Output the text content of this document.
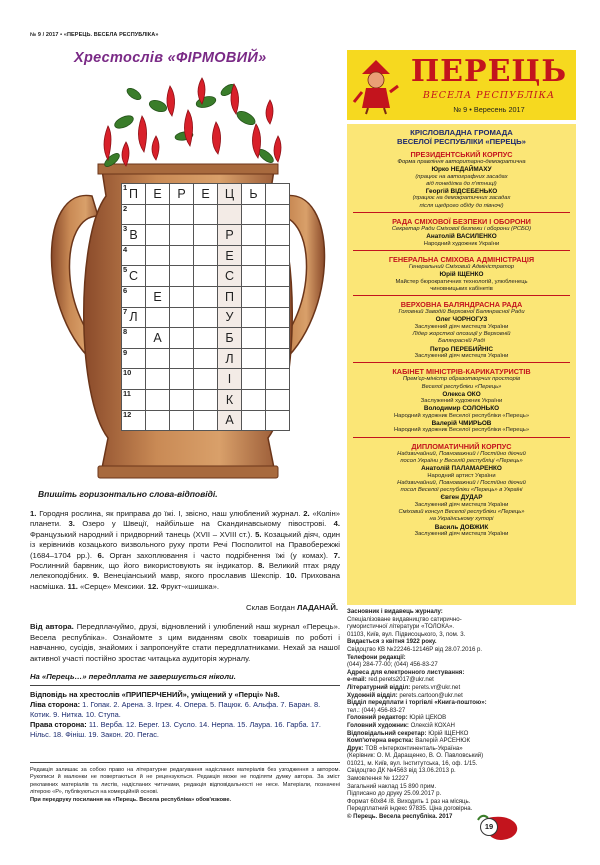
№ 9 / 2017 • «ПЕРЕЦЬ. ВЕСЕЛА РЕСПУБЛІКА»
Хрестослів «ФІРМОВИЙ»
1 П	Е	Р	Е	Ц	Ь	

2						

3 В				Р		

4				Е		

5 С				С		

6	Е			П		

7 Л				У		

8	А			Б		

9				Л		

10				І		

11				К		

12				А		
Впишіть горизонтально слова-відповіді.
1. Городня рослина, як приправа до їжі. І, звісно, наш улюблений журнал. 2. «Колін» планети. 3. Озеро у Швеції, найбільше на Скандинавському півострові. 4. Французький народний і придворний танець (XVII – XVIII ст.). 5. Козацький діяч, один із керівників козацького визвольного руху проти Речі Посполитої на Правобережжі (1684–1704 рр.). 6. Орган захоплювання і часто подрібнення їжі (у комах). 7. Рослинний барвник, що його використовують як індикатор. 8. Великий птах ряду лелекоподібних. 9. Венеціанський мавр, якого прославив Шекспір. 10. Прихована насмішка. 11. «Серце» Мексики. 12. Фрукт-«шишка».
Склав Богдан ЛАДАНАЙ.
Від автора. Передплачуймо, друзі, відновлений і улюблений наш журнал «Перець». Весела республіка». Ознайомте з цим виданням своїх товаришів по роботі і навчанню, сусідів, знайомих і запропонуйте стати передплатниками. Нехай за нашої активної участі постійно зростає читацька аудиторія журналу.
На «Перець…» передплата не завершується ніколи.
Відповідь на хрестослів «ПРИПЕРЧЕНИЙ», уміщений у «Перці» №8.
Ліва сторона: 1. Гопак. 2. Арена. 3. Ігрек. 4. Опера. 5. Пацюк. 6. Альфа. 7. Баран. 8. Котик. 9. Нитка. 10. Ступа.
Права сторона: 11. Верба. 12. Берег. 13. Сусло. 14. Нерпа. 15. Лаура. 16. Гарба. 17. Нільс. 18. Фініш. 19. Закон. 20. Пегас.
Редакція залишає за собою право на літературне редагування надісланих матеріалів без узгодження з автором. Рукописи й малюнки не повертаються й не рецензуються. Редакція може не поділяти думку автора. За зміст рекламних матеріалів та листів, надісланих читачами, редакція відповідальності не несе. Матеріали, позначені літерою «Р», публікуються на комерційній основі.
При передруку посилання на «Перець. Весела республіка» обов'язкове.
ПЕРЕЦЬ
ВЕСЕЛА РЕСПУБЛІКА
№ 9 • Вересень 2017
КРІСЛОВЛАДНА ГРОМАДА
ВЕСЕЛОЇ РЕСПУБЛІКИ «ПЕРЕЦЬ»
ПРЕЗИДЕНТСЬКИЙ КОРПУС
Форма правління авторитарно-демократична
Юрко НЕДАЙМАХУ
(працює на автографних засадах
від понеділка до п'ятниці)
Георгій ВІДСЕБЕНЬКО
(працює на демократичних засадах
після щедрого обіду до півночі)
РАДА СМІХОВОЇ БЕЗПЕКИ І ОБОРОНИ
Секретар Ради Сміхової безпеки і оборони (РСБО)
Анатолій ВАСИЛЕНКО
Народний художник України
ГЕНЕРАЛЬНА СМІХОВА АДМІНІСТРАЦІЯ
Генеральний Сміховий Адміністратор
Юрій ІЩЕНКО
Майстер бюрократичних технологій, улюбленець
чиновницьких кабінетів
ВЕРХОВНА БАЛЯНДРАСНА РАДА
Головний Заводій Верховної Балянрасної Ради
Олег ЧОРНОГУЗ
Заслужений діяч мистецтв України
Лідер жорсткої опозиції у Верховній
Балянрасній Раді
Петро ПЕРЕБИЙНІС
Заслужений діяч мистецтв України
КАБІНЕТ МІНІСТРІВ-КАРИКАТУРИСТІВ
Прем'єр-міністр образотворчих просторів
Веселої республіки «Перець»
Олекса ОКО
Заслужений художник України
Володимир СОЛОНЬКО
Народний художник Веселої республіки «Перець»
Валерій ЧМИРЬОВ
Народний художник Веселої республіки «Перець»
ДИПЛОМАТИЧНИЙ КОРПУС
Надзвичайний, Повноважний і Постійно діючий
посол України у Веселій республіці «Перець»
Анатолій ПАЛАМАРЕНКО
Народний артист України
Надзвичайний, Повноважний і Постійно діючий
посол Веселої республіки «Перець» в Україні
Євген ДУДАР
Заслужений діяч мистецтв України
Сміховий консул Веселої республіки «Перець»
на Українському хуторі
Василь ДОВЖИК
Заслужений діяч мистецтв України
Засновник і видавець журналу:
Спеціалізоване видавництво сатирично-
гумористичної літератури «ТОЛОКА».
01103, Київ, вул. Підвисоцького, 3, пом. 3.
Видається з квітня 1922 року.
Свідоцтво КВ №22246-12146Р від 28.07.2016 р.
Телефони редакції:
(044) 284-77-00; (044) 456-83-27
Адреса для електронного листування:
e-mail: red.perets2017@ukr.net
Літературний відділ: perets.vr@ukr.net
Художній відділ: perets.cartoon@ukr.net
Відділ передплати і торгівлі «Книга-поштою»:
тел.: (044) 456-83-27
Головний редактор: Юрій ЦЕКОВ
Головний художник: Олексій КОХАН
Відповідальний секретар: Юрій ІЩЕНКО
Комп'ютерна верстка: Валерій АРСЕНЮК
Друк: ТОВ «Інтерконтиненталь-Україна»
(Керівник: О. М. Даращенко, В. О. Павловський)
01021, м. Київ, вул. Інститутська, 16, оф. 1/15.
Свідоцтво ДК №4563 від 13.06.2013 р.
Замовлення № 12227
Загальний наклад 15 890 прим.
Підписано до друку 25.09.2017 р.
Формат 60х84 /8. Виходить 1 раз на місяць.
Передплатний індекс 97835. Ціна договірна.
© Перець. Весела республіка. 2017
19
